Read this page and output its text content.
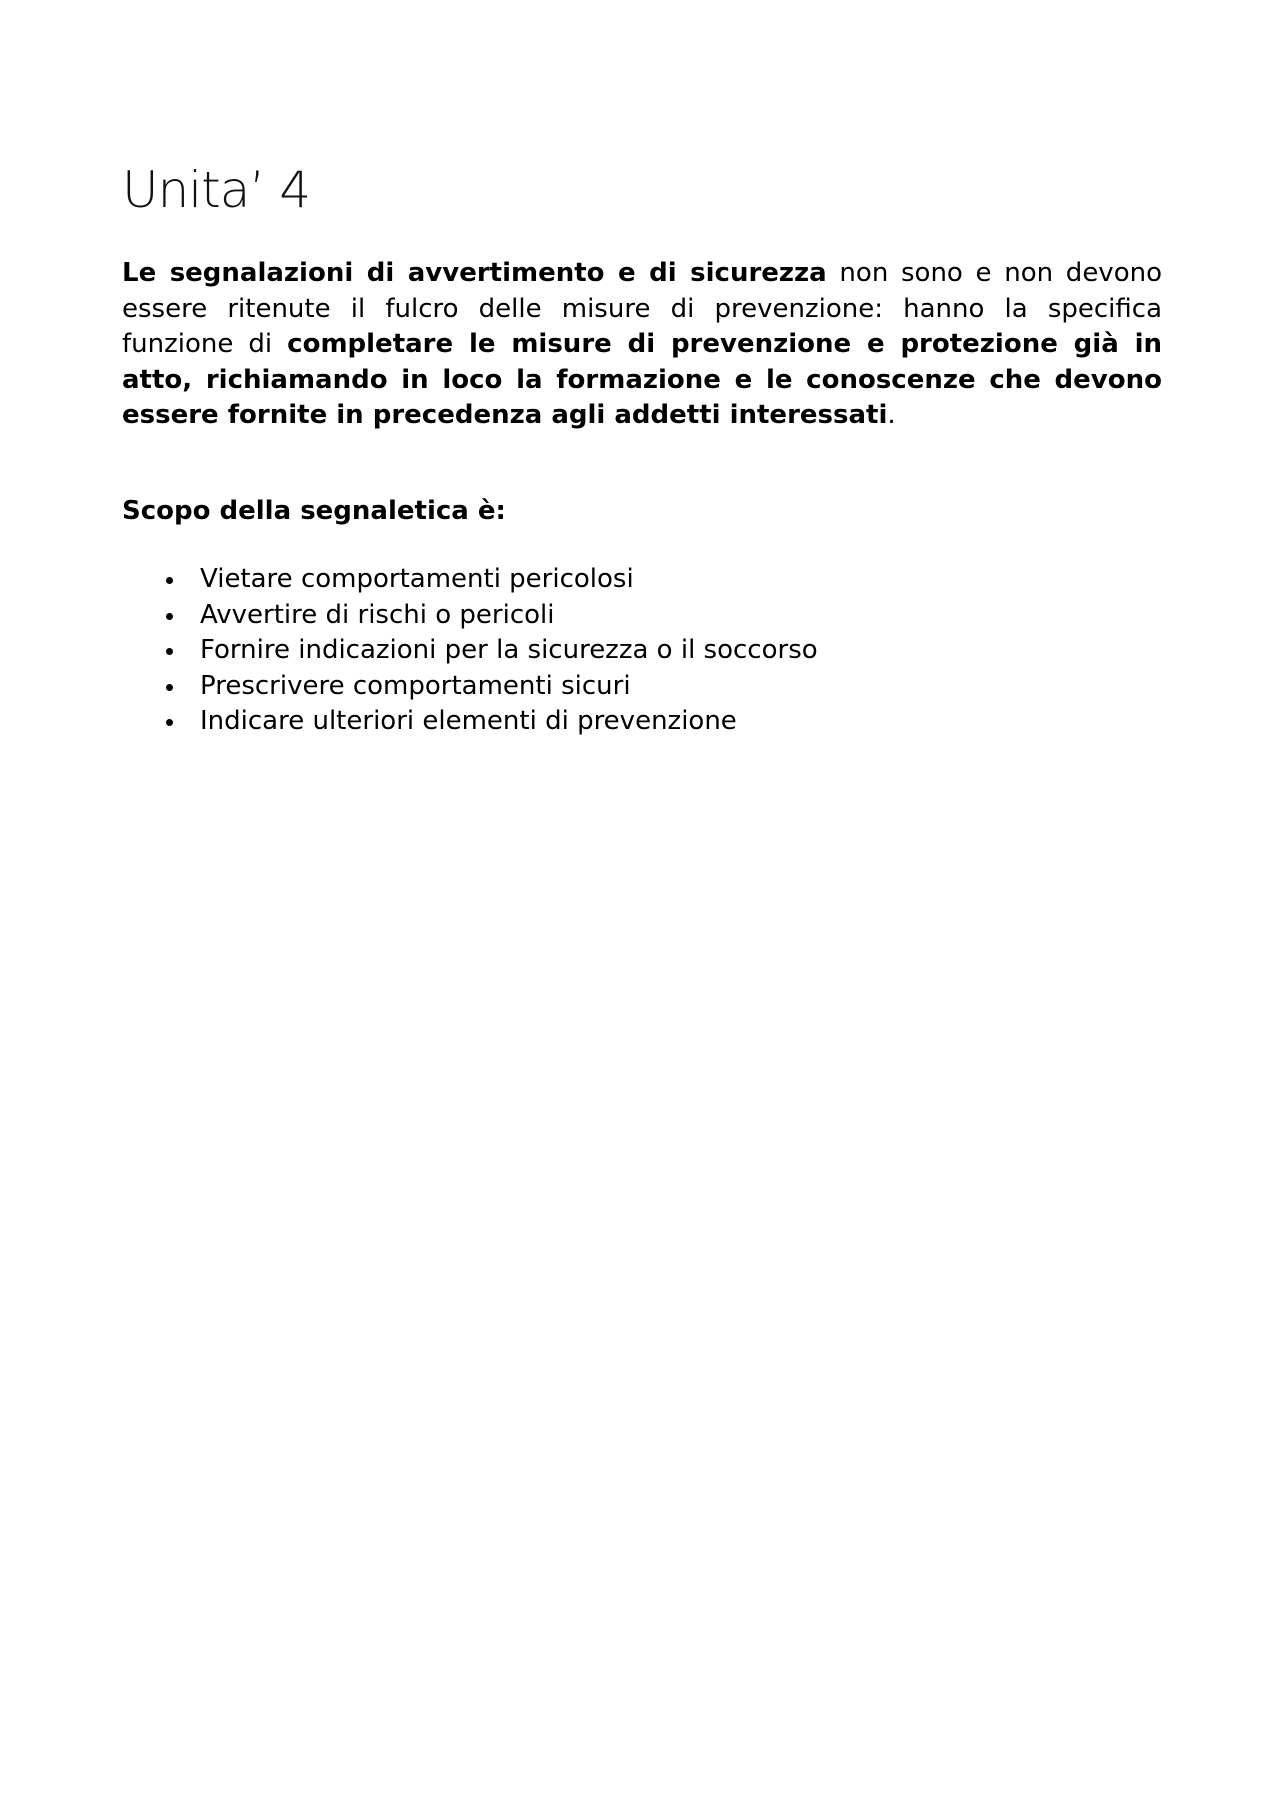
Unita’ 4

Le segnalazioni di avvertimento e di sicurezza non sono e non devono essere ritenute il fulcro delle misure di prevenzione: hanno la specifica funzione di completare le misure di prevenzione e protezione già in atto, richiamando in loco la formazione e le conoscenze che devono essere fornite in precedenza agli addetti interessati.

Scopo della segnaletica è:

Vietare comportamenti pericolosi
Avvertire di rischi o pericoli
Fornire indicazioni per la sicurezza o il soccorso
Prescrivere comportamenti sicuri
Indicare ulteriori elementi di prevenzione
